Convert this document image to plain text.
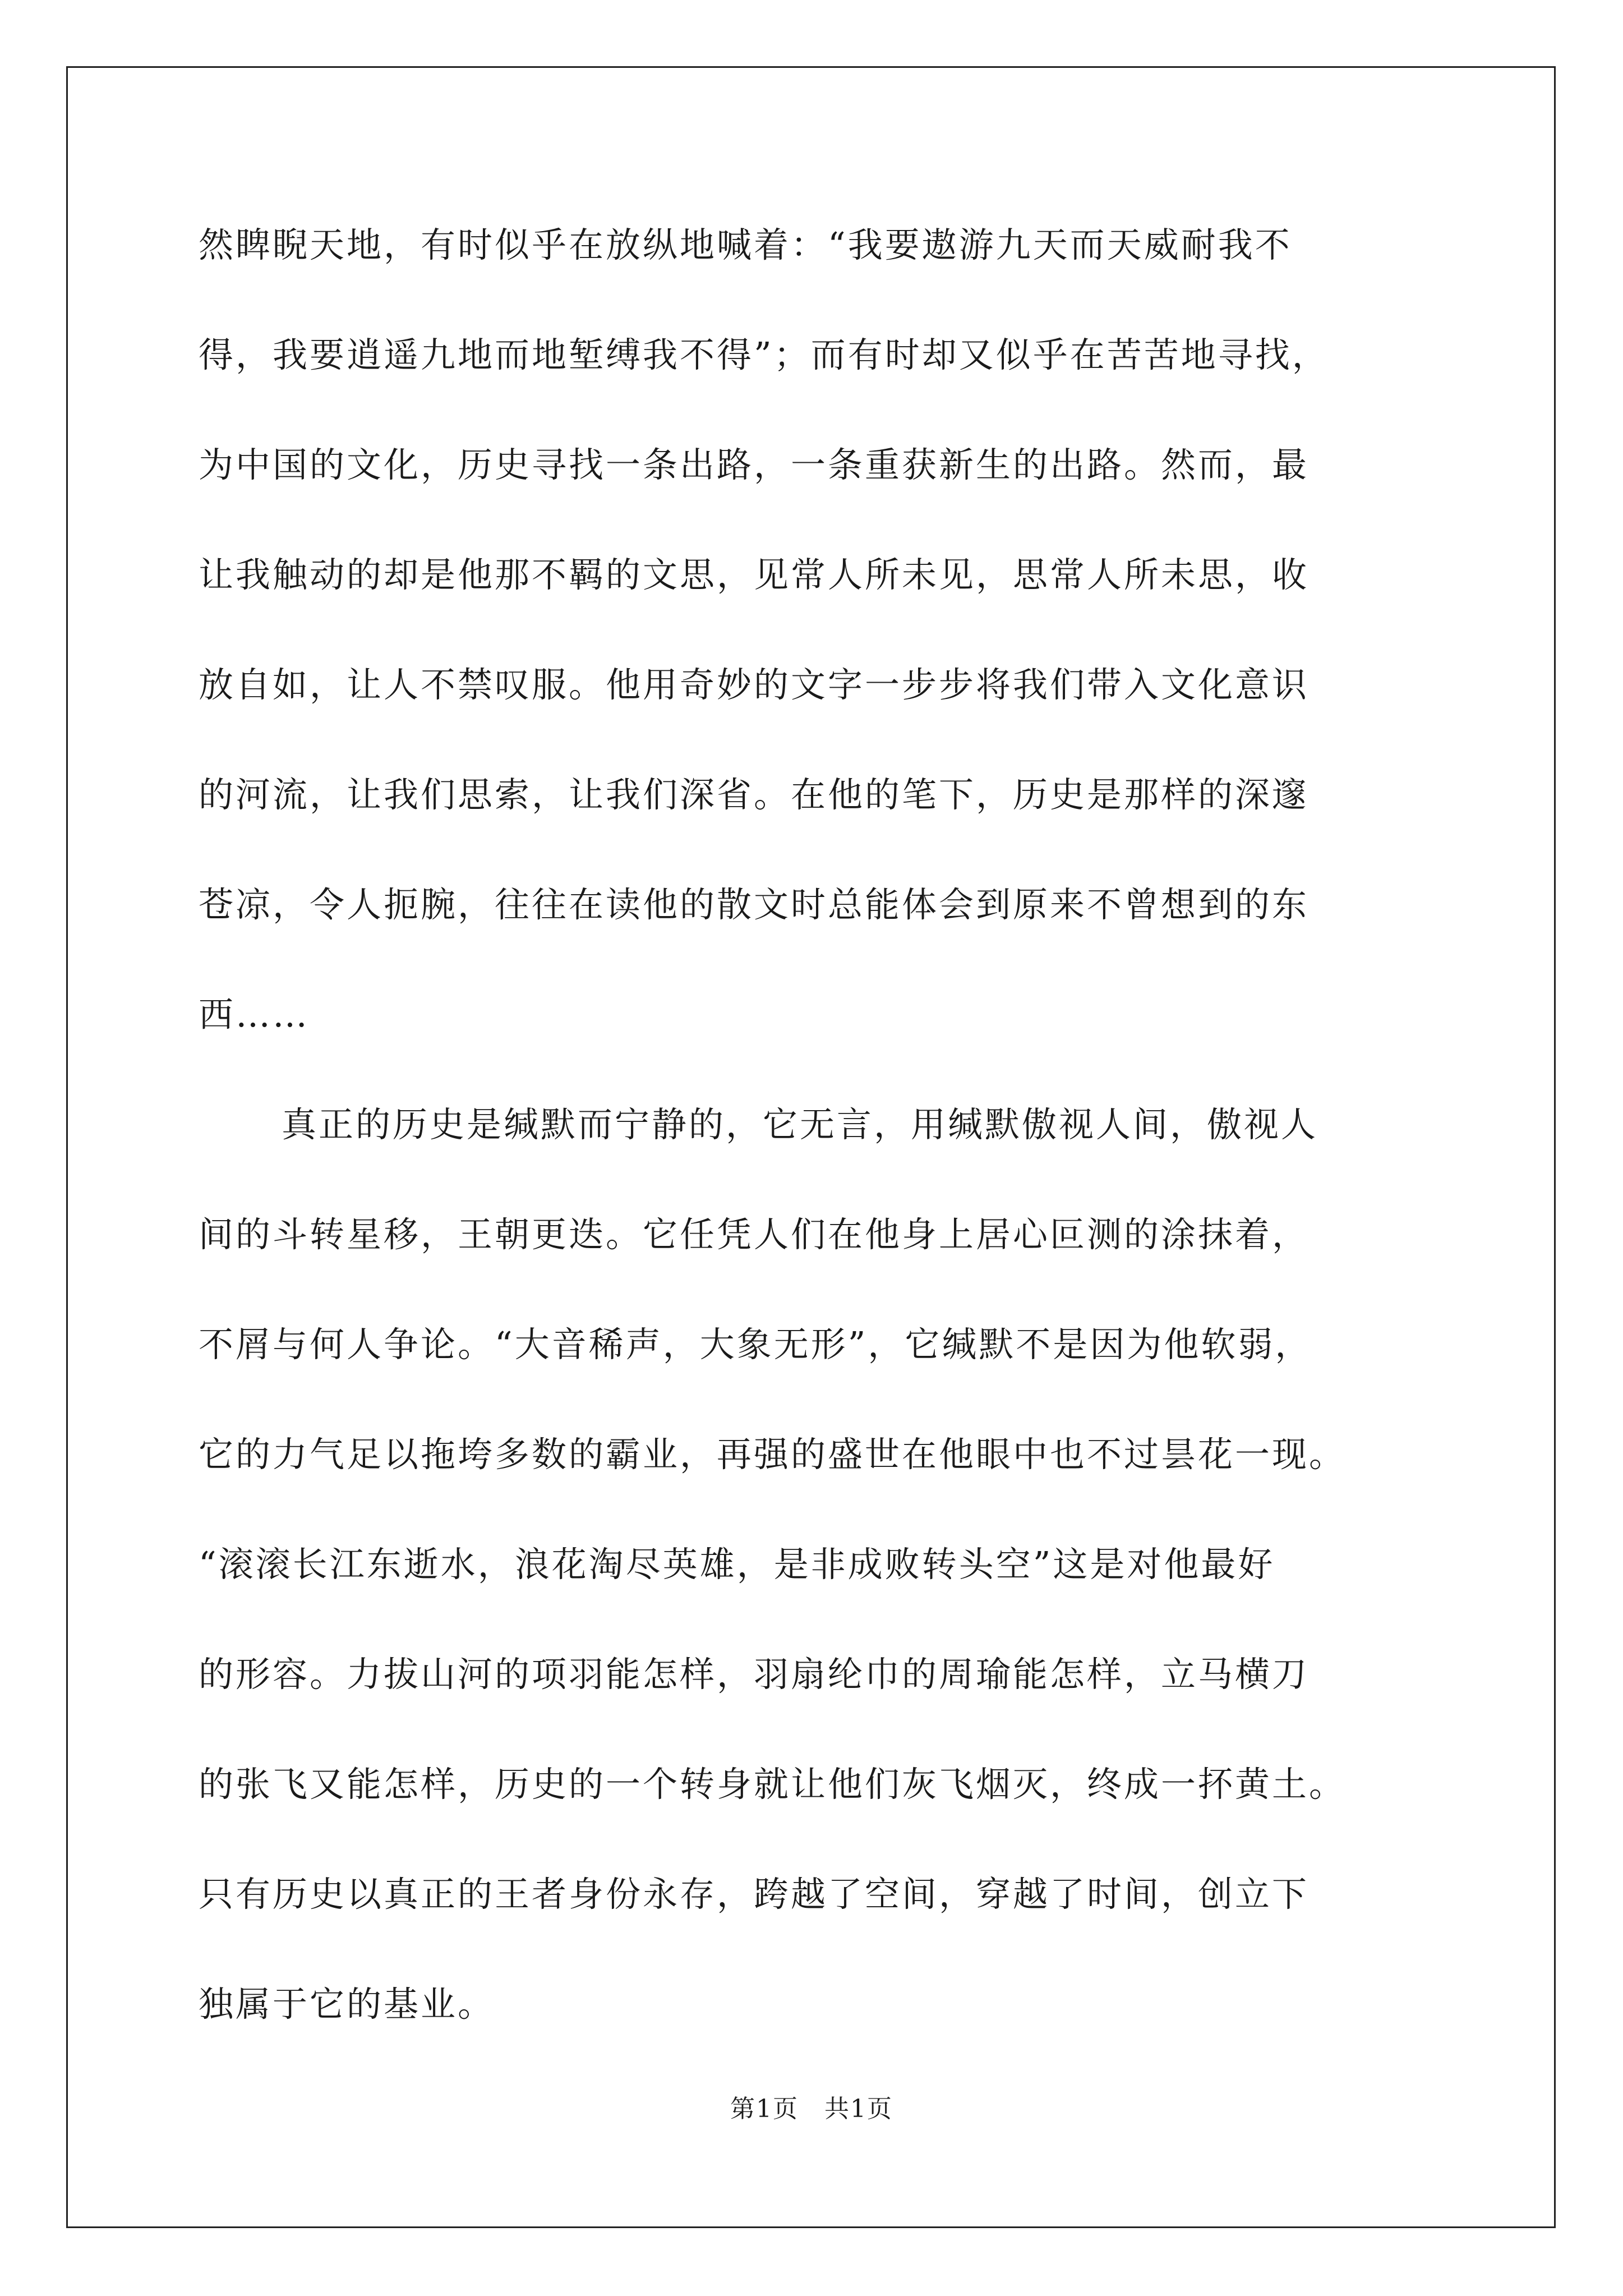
然睥睨天地，有时似乎在放纵地喊着：“我要遨游九天而天威耐我不
得，我要逍遥九地而地堑缚我不得”；而有时却又似乎在苦苦地寻找，
为中国的文化，历史寻找一条出路，一条重获新生的出路。然而，最
让我触动的却是他那不羁的文思，见常人所未见，思常人所未思，收
放自如，让人不禁叹服。他用奇妙的文字一步步将我们带入文化意识
的河流，让我们思索，让我们深省。在他的笔下，历史是那样的深邃
苍凉，令人扼腕，往往在读他的散文时总能体会到原来不曾想到的东
西……
真正的历史是缄默而宁静的，它无言，用缄默傲视人间，傲视人
间的斗转星移，王朝更迭。它任凭人们在他身上居心叵测的涂抹着，
不屑与何人争论。“大音稀声，大象无形”，它缄默不是因为他软弱，
它的力气足以拖垮多数的霸业，再强的盛世在他眼中也不过昙花一现。
“滚滚长江东逝水，浪花淘尽英雄，是非成败转头空”这是对他最好
的形容。力拔山河的项羽能怎样，羽扇纶巾的周瑜能怎样，立马横刀
的张飞又能怎样，历史的一个转身就让他们灰飞烟灭，终成一抔黄土。
只有历史以真正的王者身份永存，跨越了空间，穿越了时间，创立下
独属于它的基业。
第1页　共1页
